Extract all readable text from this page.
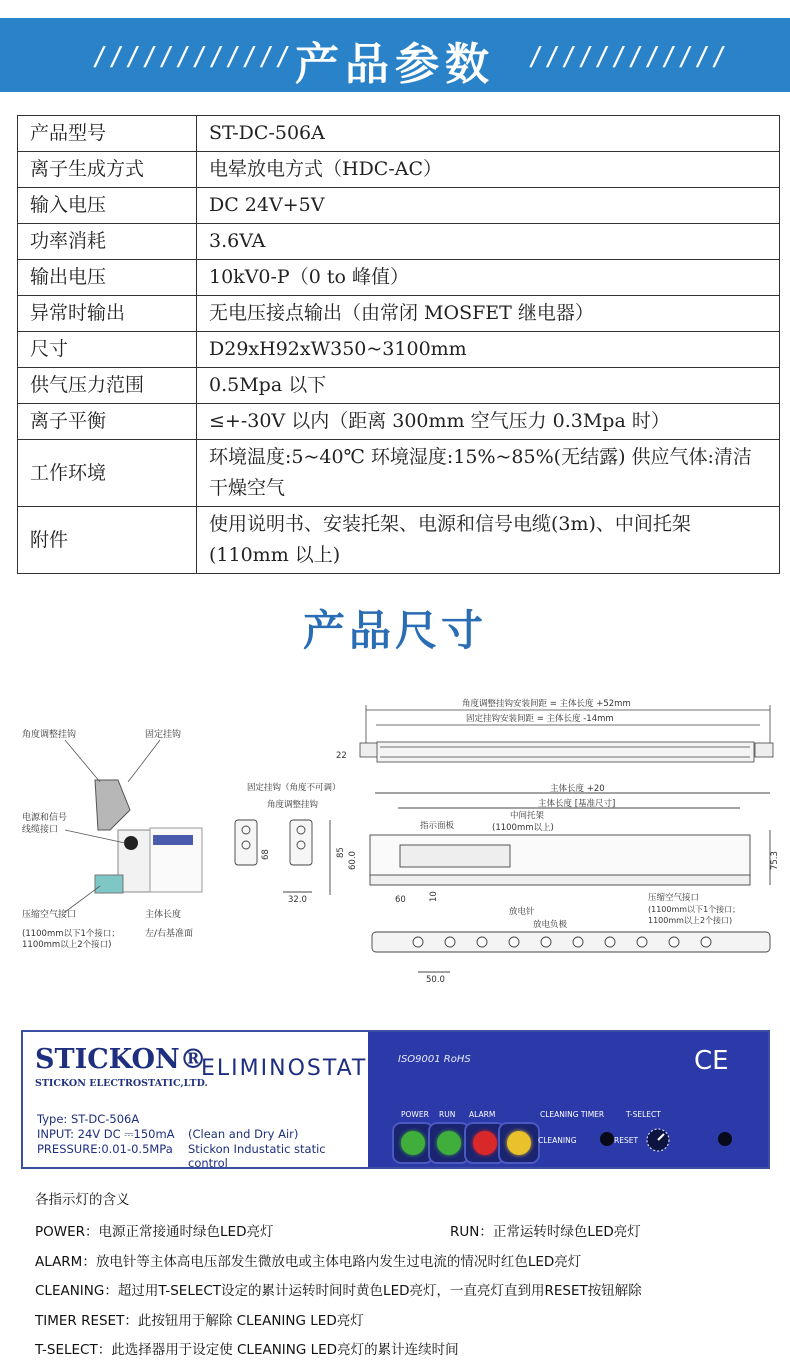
////////////	////////////
产品参数
产品型号	ST-DC-506A
离子生成方式	电晕放电方式（HDC-AC）
输入电压	DC 24V+5V
功率消耗	3.6VA
输出电压	10kV0-P（0 to 峰值）
异常时输出	无电压接点输出（由常闭 MOSFET 继电器）
尺寸	D29xH92xW350~3100mm
供气压力范围	0.5Mpa 以下
离子平衡	≤+-30V 以内（距离 300mm 空气压力 0.3Mpa 时）
工作环境	环境温度:5~40℃ 环境湿度:15%~85%(无结露) 供应气体:清洁干燥空气
附件	使用说明书、安装托架、电源和信号电缆(3m)、中间托架(110mm 以上)
产品尺寸
角度调整挂钩	固定挂钩
电源和信号
线缆接口
压缩空气接口
(1100mm以下1个接口；
1100mm以上2个接口)
主体长度
左/右基准面
角度调整挂钩安装间距 = 主体长度 +52mm
固定挂钩安装间距 = 主体长度 -14mm
22
固定挂钩（角度不可调）
角度调整挂钩
68	85 60.0
32.0
主体长度 +20
主体长度 [基准尺寸]
指示面板
中间托架
(1100mm以上)
60	10
75.3
压缩空气接口
(1100mm以下1个接口；
1100mm以上2个接口)
放电针
放电负极
50.0
STICKON®
STICKON ELECTROSTATIC,LTD.
ELIMINOSTAT
Type: ST-DC-506A
INPUT: 24V DC ⎓150mA
PRESSURE:0.01-0.5MPa
(Clean and Dry Air)
Stickon Industatic static control
ISO9001 RoHS	CE
POWER RUN ALARM	CLEANING TIMER	T-SELECT
CLEANING	RESET
各指示灯的含义
POWER：电源正常接通时绿色LED亮灯	RUN：正常运转时绿色LED亮灯
ALARM：放电针等主体高电压部发生微放电或主体电路内发生过电流的情况时红色LED亮灯
CLEANING：超过用T-SELECT设定的累计运转时间时黄色LED亮灯，一直亮灯直到用RESET按钮解除
TIMER RESET：此按钮用于解除 CLEANING LED亮灯
T-SELECT：此选择器用于设定使 CLEANING LED亮灯的累计连续时间
